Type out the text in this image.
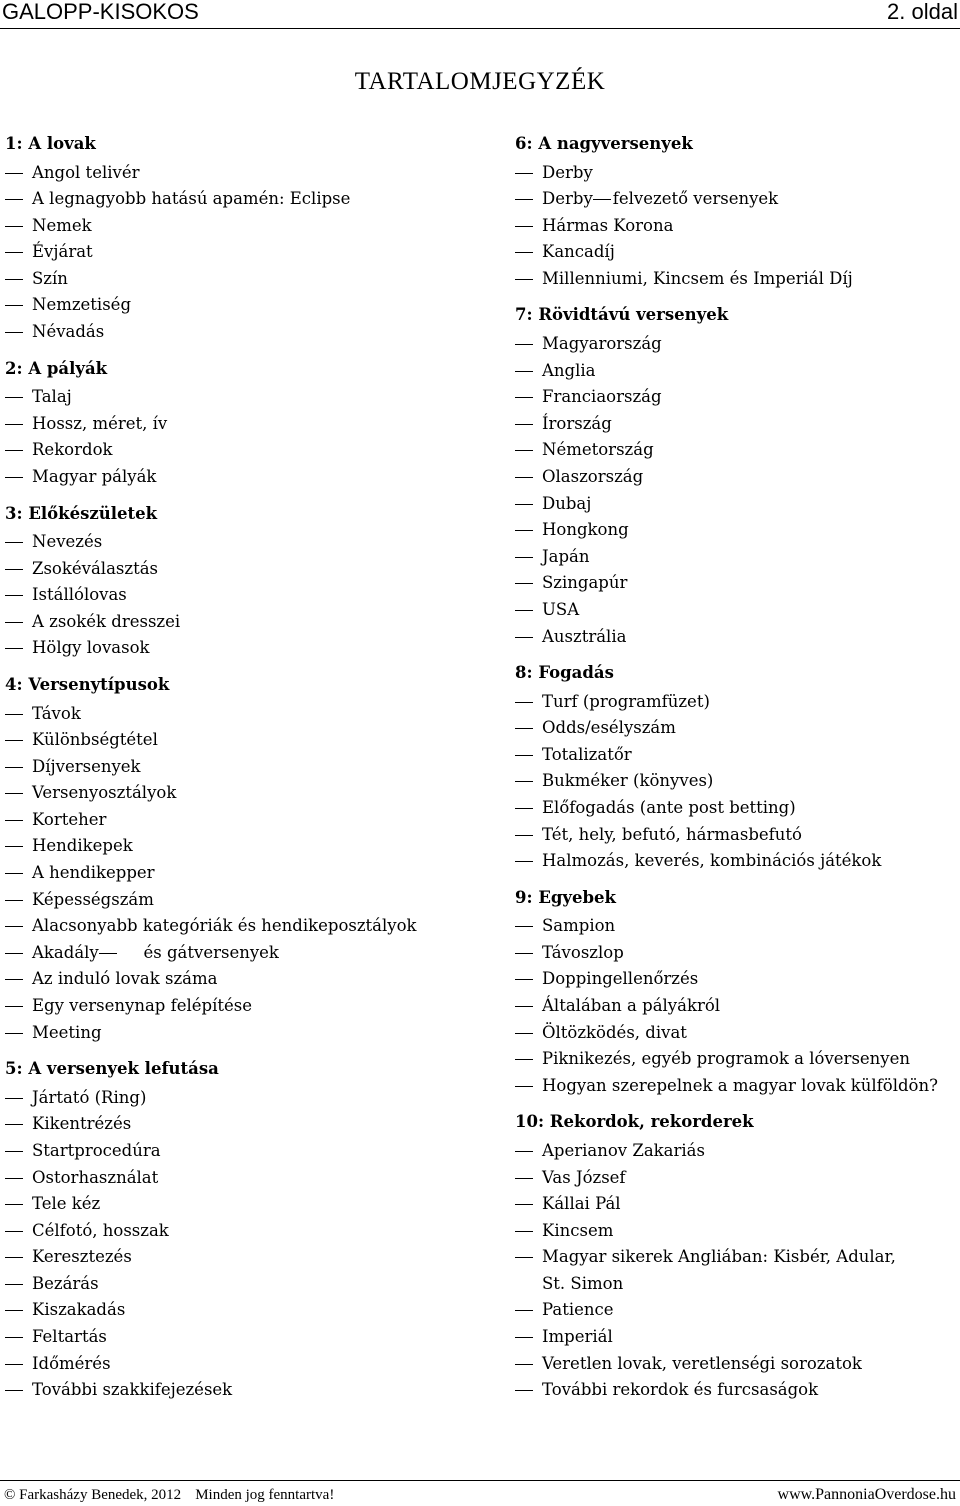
GALOPP-KISOKOS	2. oldal
TARTALOMJEGYZÉK
1: A lovak
Angol telivér
A legnagyobb hatású apamén: Eclipse
Nemek
Évjárat
Szín
Nemzetiség
Névadás
2: A pályák
Talaj
Hossz, méret, ív
Rekordok
Magyar pályák
3: Előkészületek
Nevezés
Zsokéválasztás
Istállólovas
A zsokék dresszei
Hölgy lovasok
4: Versenytípusok
Távok
Különbségtétel
Díjversenyek
Versenyosztályok
Korteher
Hendikepek
A hendikepper
Képességszám
Alacsonyabb kategóriák és hendikeposztályok
Akadály  és gátversenyek
Az induló lovak száma
Egy versenynap felépítése
Meeting
5: A versenyek lefutása
Jártató (Ring)
Kikentrézés
Startprocedúra
Ostorhasználat
Tele kéz
Célfotó, hosszak
Keresztezés
Bezárás
Kiszakadás
Feltartás
Időmérés
További szakkifejezések
6: A nagyversenyek
Derby
Derby felvezető versenyek
Hármas Korona
Kancadíj
Millenniumi, Kincsem és Imperiál Díj
7: Rövidtávú versenyek
Magyarország
Anglia
Franciaország
Írország
Németország
Olaszország
Dubaj
Hongkong
Japán
Szingapúr
USA
Ausztrália
8: Fogadás
Turf (programfüzet)
Odds/esélyszám
Totalizatőr
Bukméker (könyves)
Előfogadás (ante post betting)
Tét, hely, befutó, hármasbefutó
Halmozás, keverés, kombinációs játékok
9: Egyebek
Sampion
Távoszlop
Doppingellenőrzés
Általában a pályákról
Öltözködés, divat
Piknikezés, egyéb programok a lóversenyen
Hogyan szerepelnek a magyar lovak külföldön?
10: Rekordok, rekorderek
Aperianov Zakariás
Vas József
Kállai Pál
Kincsem
Magyar sikerek Angliában: Kisbér, Adular,
St. Simon
Patience
Imperiál
Veretlen lovak, veretlenségi sorozatok
További rekordok és furcsaságok
© Farkasházy Benedek, 2012 Minden jog fenntartva!	www.PannoniaOverdose.hu
